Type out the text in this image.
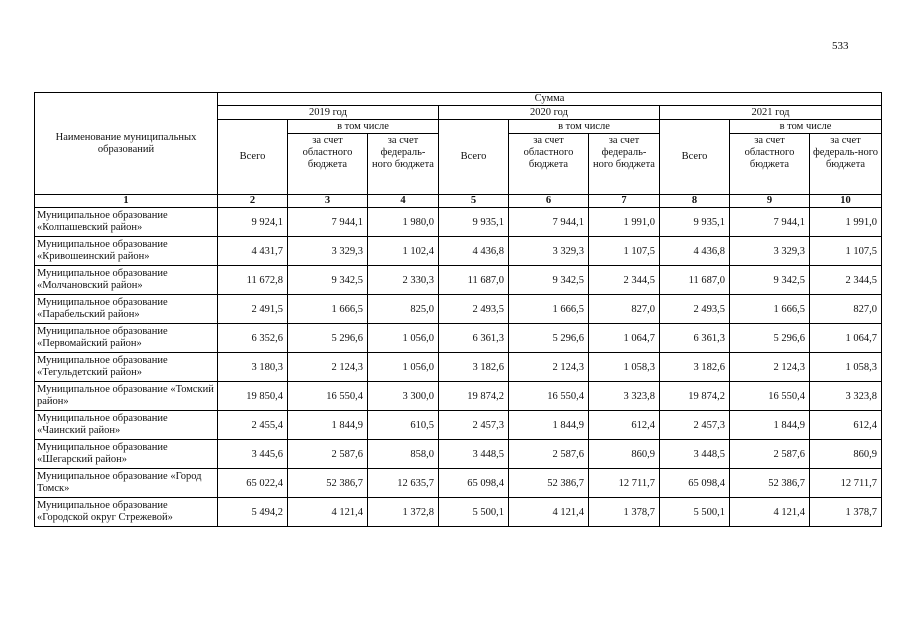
533
Наименование муниципальных образований	Сумма								
	2019 год			2020 год			2021 год		
	Всего	в том числе		Всего	в том числе		Всего	в том числе	
		за счет областного бюджета	за счет федераль-ного бюджета		за счет областного бюджета	за счет федераль-ного бюджета		за счет областного бюджета	за счет федераль-ного бюджета
1	2	3	4	5	6	7	8	9	10
Муниципальное образование «Колпашевский район»	9 924,1	7 944,1	1 980,0	9 935,1	7 944,1	1 991,0	9 935,1	7 944,1	1 991,0
Муниципальное образование «Кривошеинский район»	4 431,7	3 329,3	1 102,4	4 436,8	3 329,3	1 107,5	4 436,8	3 329,3	1 107,5
Муниципальное образование «Молчановский район»	11 672,8	9 342,5	2 330,3	11 687,0	9 342,5	2 344,5	11 687,0	9 342,5	2 344,5
Муниципальное образование «Парабельский район»	2 491,5	1 666,5	825,0	2 493,5	1 666,5	827,0	2 493,5	1 666,5	827,0
Муниципальное образование «Первомайский район»	6 352,6	5 296,6	1 056,0	6 361,3	5 296,6	1 064,7	6 361,3	5 296,6	1 064,7
Муниципальное образование «Тегульдетский район»	3 180,3	2 124,3	1 056,0	3 182,6	2 124,3	1 058,3	3 182,6	2 124,3	1 058,3
Муниципальное образование «Томский район»	19 850,4	16 550,4	3 300,0	19 874,2	16 550,4	3 323,8	19 874,2	16 550,4	3 323,8
Муниципальное образование «Чаинский район»	2 455,4	1 844,9	610,5	2 457,3	1 844,9	612,4	2 457,3	1 844,9	612,4
Муниципальное образование «Шегарский район»	3 445,6	2 587,6	858,0	3 448,5	2 587,6	860,9	3 448,5	2 587,6	860,9
Муниципальное образование «Город Томск»	65 022,4	52 386,7	12 635,7	65 098,4	52 386,7	12 711,7	65 098,4	52 386,7	12 711,7
Муниципальное образование «Городской округ Стрежевой»	5 494,2	4 121,4	1 372,8	5 500,1	4 121,4	1 378,7	5 500,1	4 121,4	1 378,7
